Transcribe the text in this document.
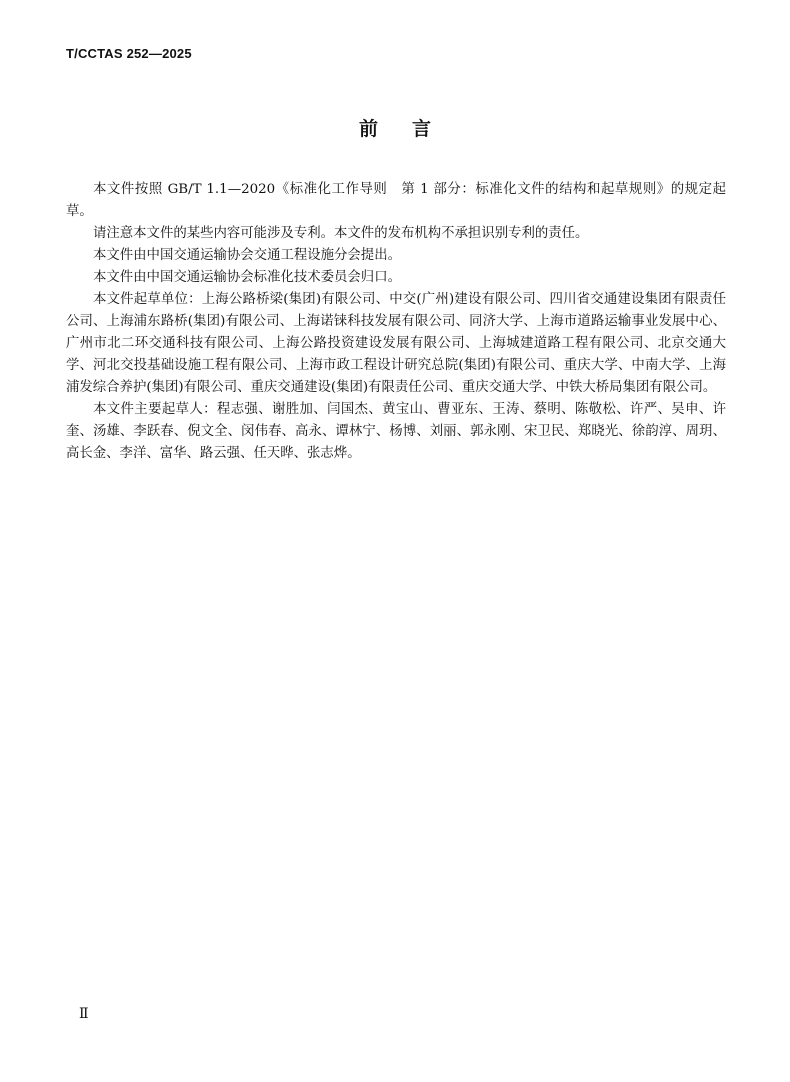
T/CCTAS 252—2025
前 言

本文件按照 GB/T 1.1—2020《标准化工作导则　第 1 部分：标准化文件的结构和起草规则》的规定起草。

请注意本文件的某些内容可能涉及专利。本文件的发布机构不承担识别专利的责任。

本文件由中国交通运输协会交通工程设施分会提出。

本文件由中国交通运输协会标准化技术委员会归口。

本文件起草单位：上海公路桥梁(集团)有限公司、中交(广州)建设有限公司、四川省交通建设集团有限责任公司、上海浦东路桥(集团)有限公司、上海诺铼科技发展有限公司、同济大学、上海市道路运输事业发展中心、广州市北二环交通科技有限公司、上海公路投资建设发展有限公司、上海城建道路工程有限公司、北京交通大学、河北交投基础设施工程有限公司、上海市政工程设计研究总院(集团)有限公司、重庆大学、中南大学、上海浦发综合养护(集团)有限公司、重庆交通建设(集团)有限责任公司、重庆交通大学、中铁大桥局集团有限公司。

本文件主要起草人：程志强、谢胜加、闫国杰、黄宝山、曹亚东、王涛、蔡明、陈敬松、许严、吴申、许奎、汤雄、李跃春、倪文全、闵伟春、高永、谭林宁、杨博、刘丽、郭永刚、宋卫民、郑晓光、徐韵淳、周玥、高长金、李洋、富华、路云强、任天晔、张志烨。

Ⅱ
